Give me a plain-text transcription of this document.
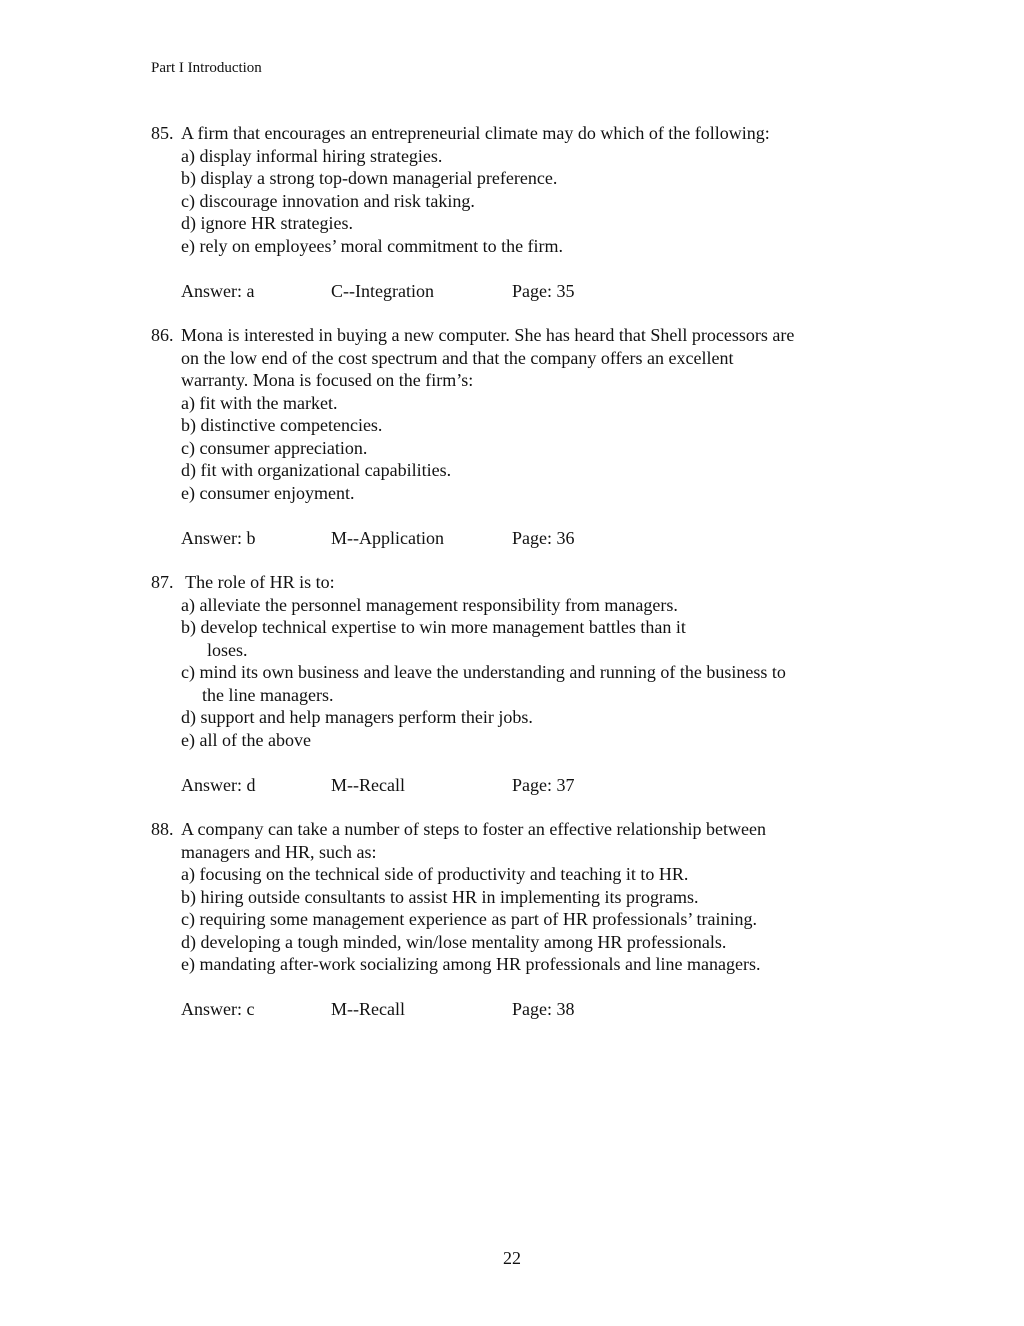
Part I Introduction
85. A firm that encourages an entrepreneurial climate may do which of the following:
a) display informal hiring strategies.
b) display a strong top-down managerial preference.
c) discourage innovation and risk taking.
d) ignore HR strategies.
e) rely on employees’ moral commitment to the firm.
Answer: a	C--Integration	Page: 35
86. Mona is interested in buying a new computer. She has heard that Shell processors are
on the low end of the cost spectrum and that the company offers an excellent
warranty. Mona is focused on the firm’s:
a) fit with the market.
b) distinctive competencies.
c) consumer appreciation.
d) fit with organizational capabilities.
e) consumer enjoyment.
Answer: b	M--Application	Page: 36
87. The role of HR is to:
a) alleviate the personnel management responsibility from managers.
b) develop technical expertise to win more management battles than it
loses.
c) mind its own business and leave the understanding and running of the business to
the line managers.
d) support and help managers perform their jobs.
e) all of the above
Answer: d	M--Recall	Page: 37
88. A company can take a number of steps to foster an effective relationship between
managers and HR, such as:
a) focusing on the technical side of productivity and teaching it to HR.
b) hiring outside consultants to assist HR in implementing its programs.
c) requiring some management experience as part of HR professionals’ training.
d) developing a tough minded, win/lose mentality among HR professionals.
e) mandating after-work socializing among HR professionals and line managers.
Answer: c	M--Recall	Page: 38
22
